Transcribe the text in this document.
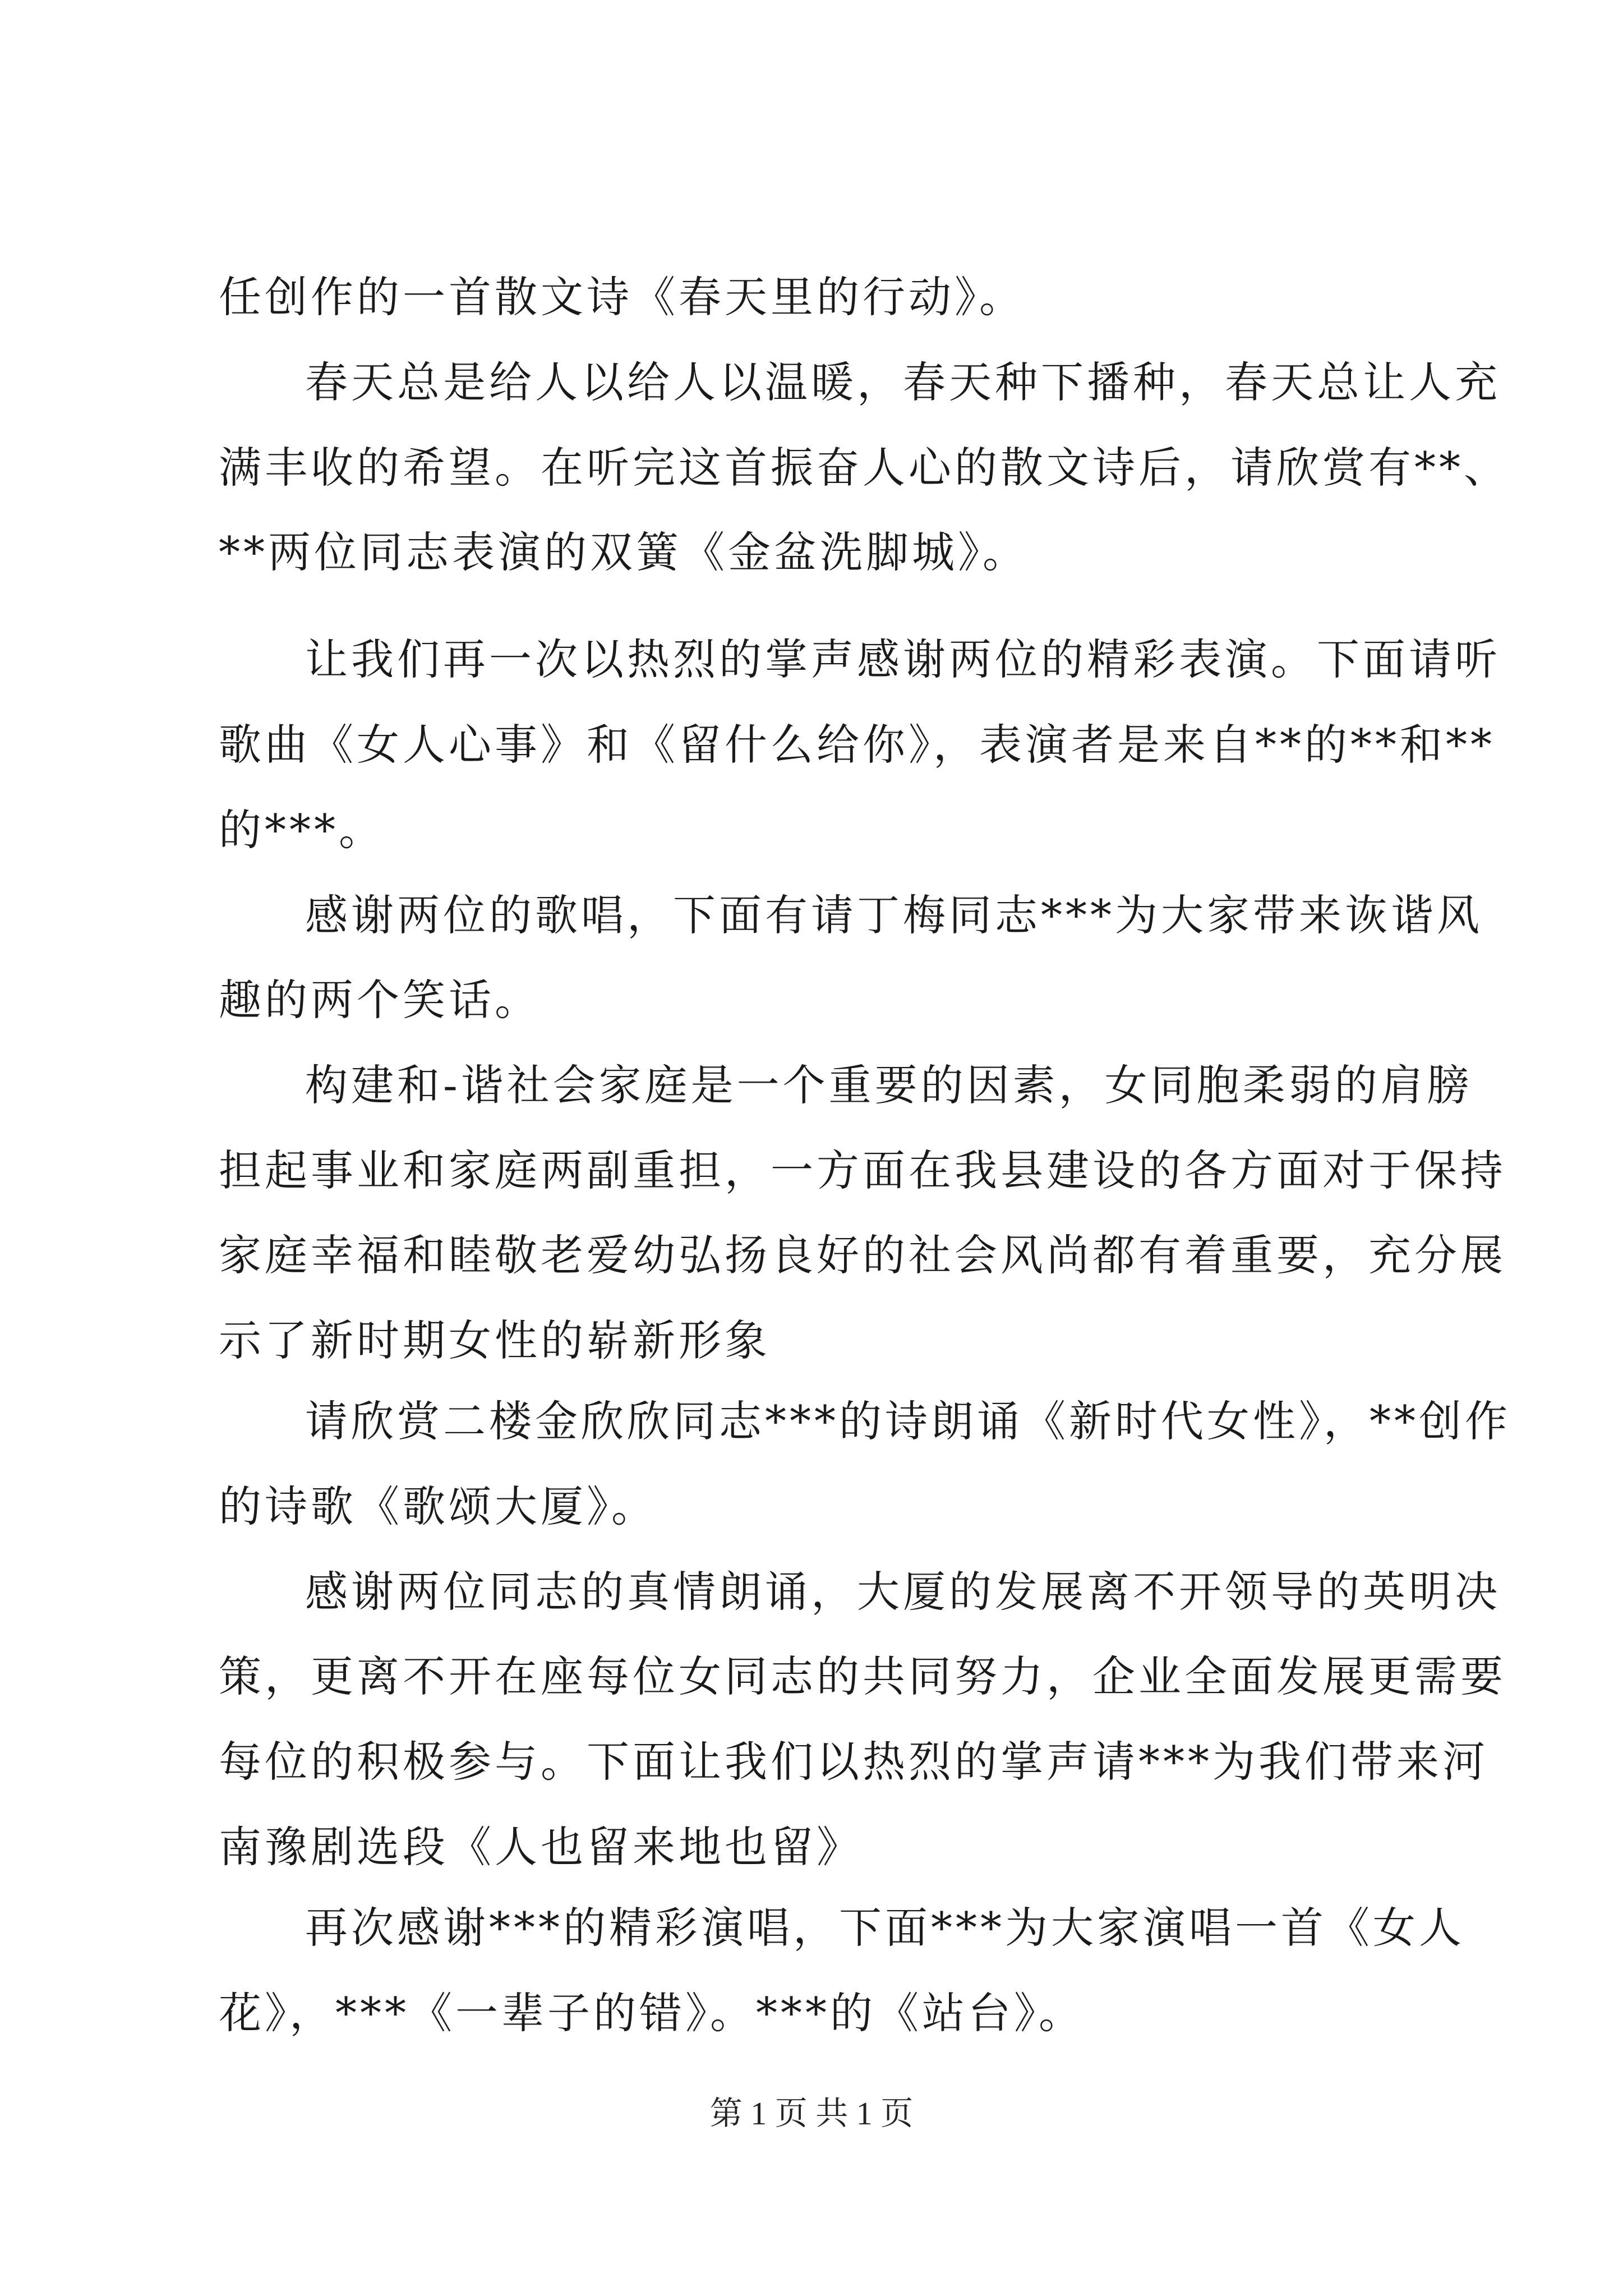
任创作的一首散文诗《春天里的行动》。
春天总是给人以给人以温暖，春天种下播种，春天总让人充
满丰收的希望。在听完这首振奋人心的散文诗后，请欣赏有**、
**两位同志表演的双簧《金盆洗脚城》。
让我们再一次以热烈的掌声感谢两位的精彩表演。下面请听
歌曲《女人心事》和《留什么给你》，表演者是来自**的**和**
的***。
感谢两位的歌唱，下面有请丁梅同志***为大家带来诙谐风
趣的两个笑话。
构建和-谐社会家庭是一个重要的因素，女同胞柔弱的肩膀
担起事业和家庭两副重担，一方面在我县建设的各方面对于保持
家庭幸福和睦敬老爱幼弘扬良好的社会风尚都有着重要，充分展
示了新时期女性的崭新形象
请欣赏二楼金欣欣同志***的诗朗诵《新时代女性》，**创作
的诗歌《歌颂大厦》。
感谢两位同志的真情朗诵，大厦的发展离不开领导的英明决
策，更离不开在座每位女同志的共同努力，企业全面发展更需要
每位的积极参与。下面让我们以热烈的掌声请***为我们带来河
南豫剧选段《人也留来地也留》
再次感谢***的精彩演唱，下面***为大家演唱一首《女人
花》，***《一辈子的错》。***的《站台》。
第 1 页 共 1 页
